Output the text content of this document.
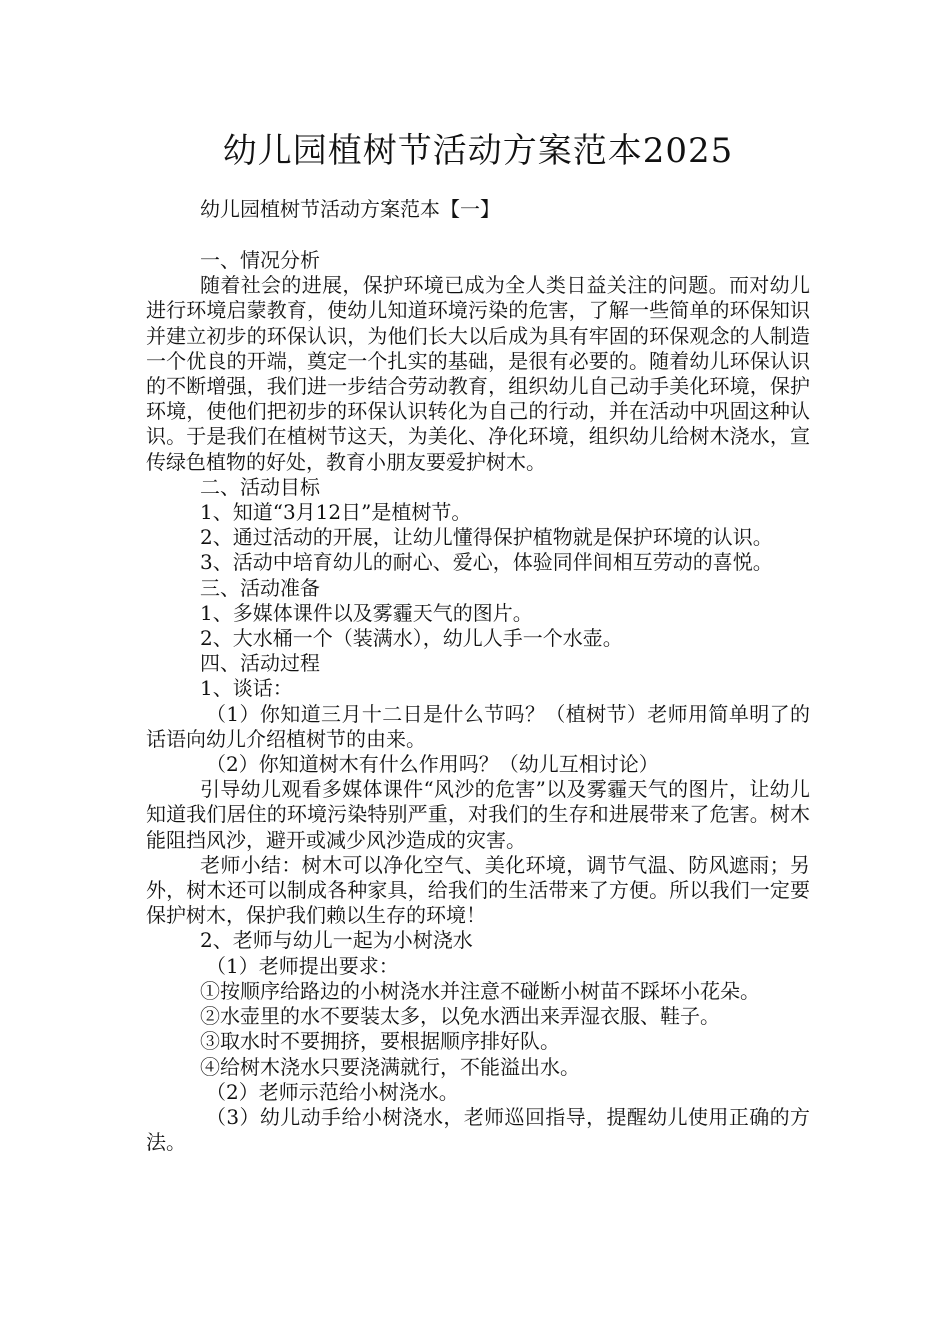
幼儿园植树节活动方案范本2025

幼儿园植树节活动方案范本【一】

一、情况分析

随着社会的进展，保护环境已成为全人类日益关注的问题。而对幼儿进行环境启蒙教育，使幼儿知道环境污染的危害，了解一些简单的环保知识并建立初步的环保认识，为他们长大以后成为具有牢固的环保观念的人制造一个优良的开端，奠定一个扎实的基础，是很有必要的。随着幼儿环保认识的不断增强，我们进一步结合劳动教育，组织幼儿自己动手美化环境，保护环境，使他们把初步的环保认识转化为自己的行动，并在活动中巩固这种认识。于是我们在植树节这天，为美化、净化环境，组织幼儿给树木浇水，宣传绿色植物的好处，教育小朋友要爱护树木。

二、活动目标

1、知道“3月12日”是植树节。

2、通过活动的开展，让幼儿懂得保护植物就是保护环境的认识。

3、活动中培育幼儿的耐心、爱心，体验同伴间相互劳动的喜悦。

三、活动准备

1、多媒体课件以及雾霾天气的图片。

2、大水桶一个（装满水），幼儿人手一个水壶。

四、活动过程

1、谈话：

（1）你知道三月十二日是什么节吗？（植树节）老师用简单明了的话语向幼儿介绍植树节的由来。

（2）你知道树木有什么作用吗？（幼儿互相讨论）

引导幼儿观看多媒体课件“风沙的危害”以及雾霾天气的图片，让幼儿知道我们居住的环境污染特别严重，对我们的生存和进展带来了危害。树木能阻挡风沙，避开或减少风沙造成的灾害。

老师小结：树木可以净化空气、美化环境，调节气温、防风遮雨；另外，树木还可以制成各种家具，给我们的生活带来了方便。所以我们一定要保护树木，保护我们赖以生存的环境！

2、老师与幼儿一起为小树浇水

（1）老师提出要求：

①按顺序给路边的小树浇水并注意不碰断小树苗不踩坏小花朵。

②水壶里的水不要装太多，以免水洒出来弄湿衣服、鞋子。

③取水时不要拥挤，要根据顺序排好队。

④给树木浇水只要浇满就行，不能溢出水。

（2）老师示范给小树浇水。

（3）幼儿动手给小树浇水，老师巡回指导，提醒幼儿使用正确的方法。
